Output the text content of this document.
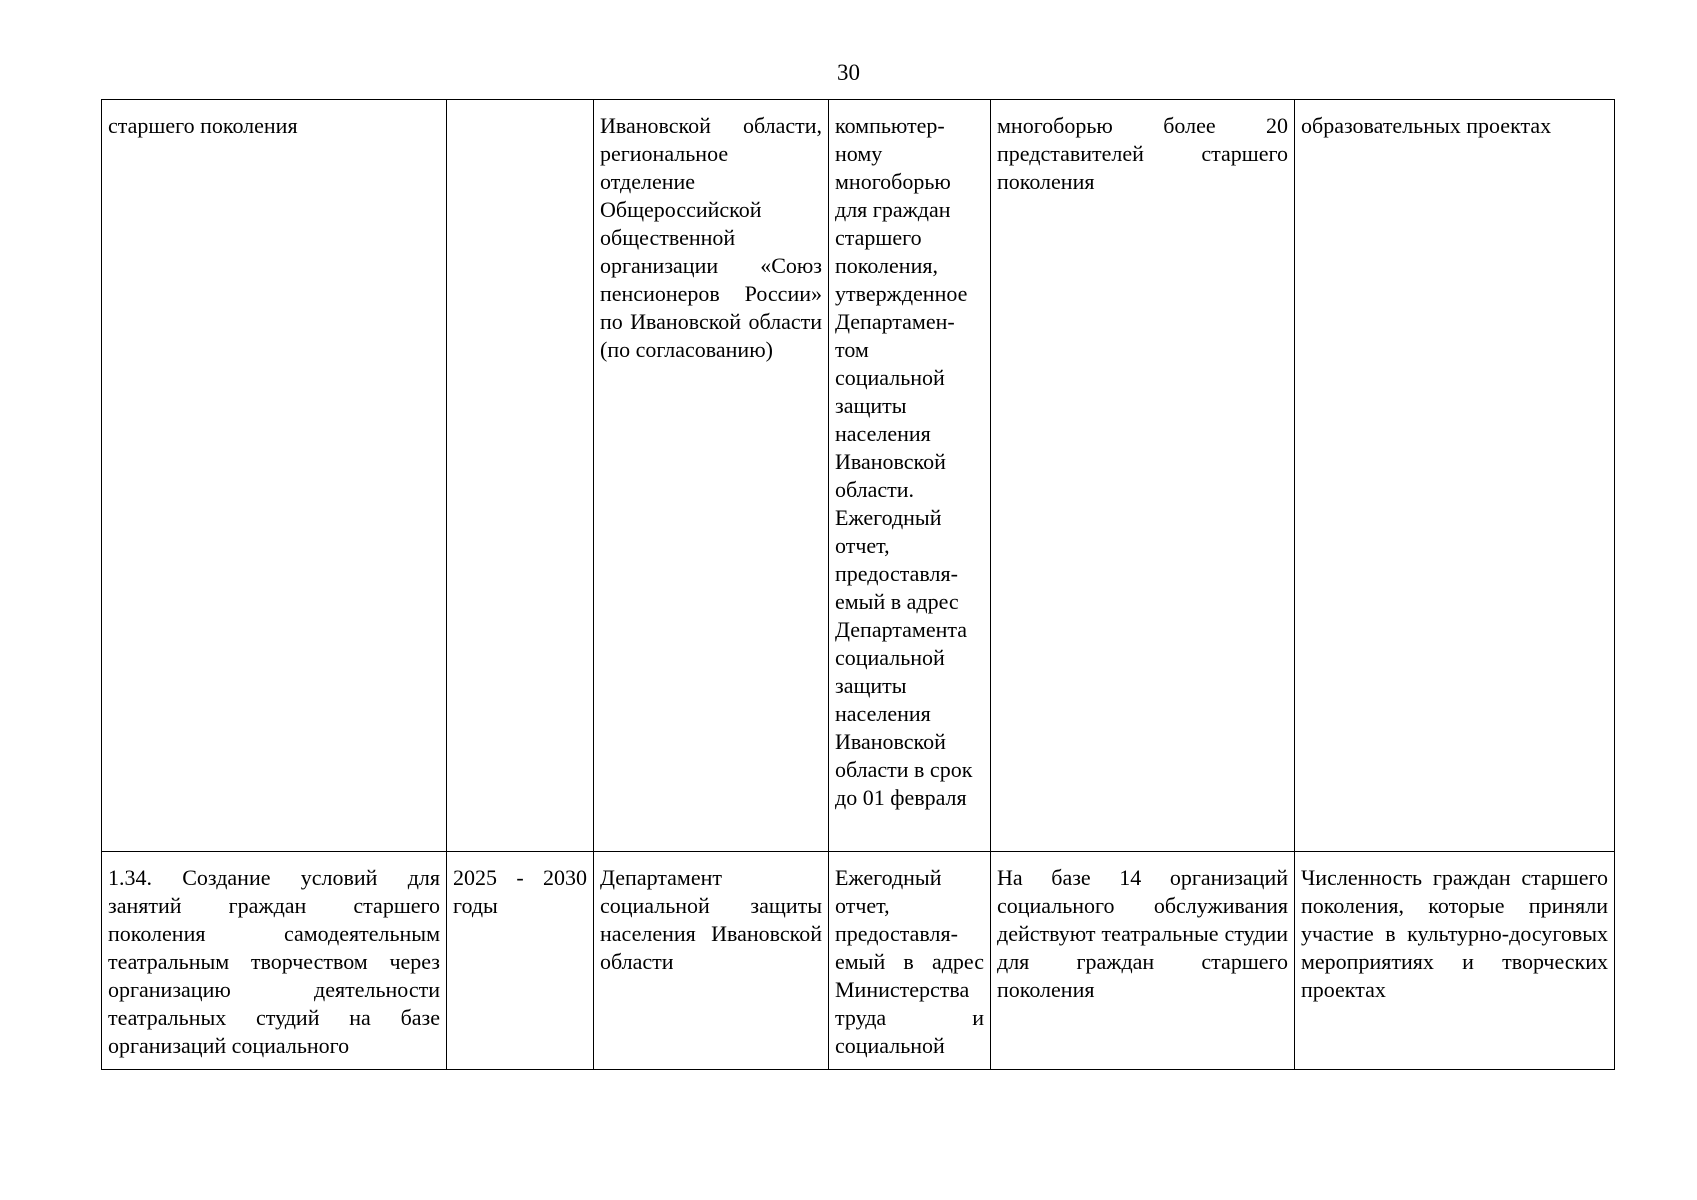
30
старшего поколения		Ивановской области, региональное отделение Общероссийской общественной организации «Союз пенсионеров России» по Ивановской области (по согласованию)	компьютер-ному многоборью для граждан старшего поколения, утвержденное Департамен-том социальной защиты населения Ивановской области. Ежегодный отчет, предоставля-емый в адрес Департамента социальной защиты населения Ивановской области в срок до 01 февраля	многоборью более 20 представителей старшего поколения	образовательных проектах

1.34. Создание условий для занятий граждан старшего поколения самодеятельным театральным творчеством через организацию деятельности театральных студий на базе организаций социального	2025 - 2030 годы	Департамент социальной защиты населения Ивановской области	Ежегодный отчет, предоставля-емый в адрес Министерства труда и социальной	На базе 14 организаций социального обслуживания действуют театральные студии для граждан старшего поколения	Численность граждан старшего поколения, которые приняли участие в культурно-досуговых мероприятиях и творческих проектах
